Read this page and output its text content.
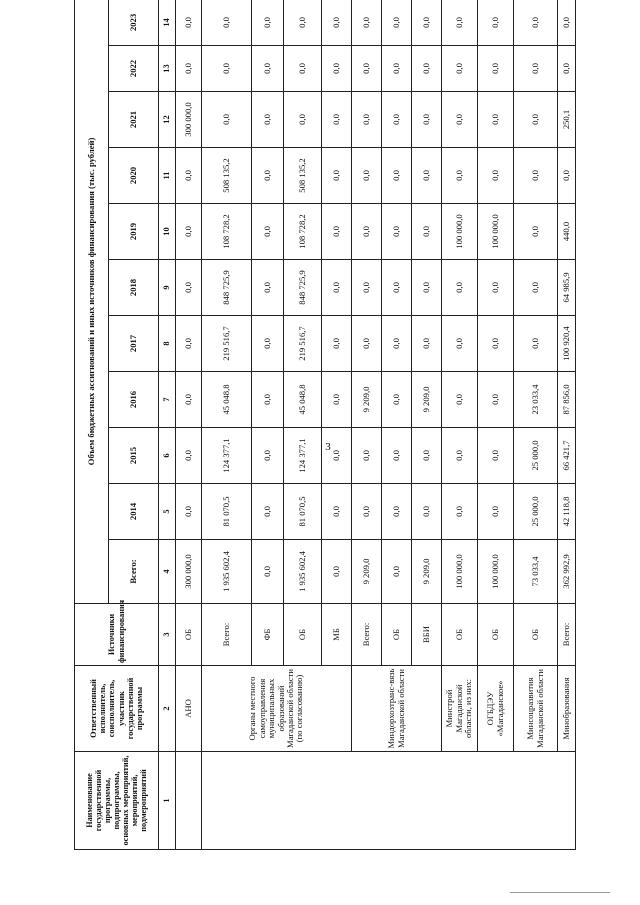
3
Наименование государственной программы, подпрограммы, основных мероприятий, мероприятий, подмероприятий	Ответственный исполнитель, соисполнитель, участник государственной программы	Источники финансирования	Объем бюджетных ассигнований и иных источников финансирования (тыс. рублей)										
			Всего:	2014	2015	2016	2017	2018	2019	2020	2021	2022	2023
1	2	3	4	5	6	7	8	9	10	11	12	13	14
	АНО	ОБ	300 000,0	0,0	0,0	0,0	0,0	0,0	0,0	0,0	300 000,0	0,0	0,0
	Органы местного самоуправления муниципальных образований Магаданской области (по согласованию)	Всего:	1 935 602,4	81 070,5	124 377,1	45 048,8	219 516,7	848 725,9	108 728,2	508 135,2	0,0	0,0	0,0
		ФБ	0,0	0,0	0,0	0,0	0,0	0,0	0,0	0,0	0,0	0,0	0,0
		ОБ	1 935 602,4	81 070,5	124 377,1	45 048,8	219 516,7	848 725,9	108 728,2	508 135,2	0,0	0,0	0,0
		МБ	0,0	0,0	0,0	0,0	0,0	0,0	0,0	0,0	0,0	0,0	0,0
	Миндорхозтранс-вязь Магаданской области	Всего:	9 209,0	0,0	0,0	9 209,0	0,0	0,0	0,0	0,0	0,0	0,0	0,0
		ОБ	0,0	0,0	0,0	0,0	0,0	0,0	0,0	0,0	0,0	0,0	0,0
		ВБИ	9 209,0	0,0	0,0	9 209,0	0,0	0,0	0,0	0,0	0,0	0,0	0,0
	Минстрой Магаданской области, из них:	ОБ	100 000,0	0,0	0,0	0,0	0,0	0,0	100 000,0	0,0	0,0	0,0	0,0
	ОГБДЭУ «Магаданское»	ОБ	100 000,0	0,0	0,0	0,0	0,0	0,0	100 000,0	0,0	0,0	0,0	0,0
	Минсоцразвития Магаданской области	ОБ	73 033,4	25 000,0	25 000,0	23 033,4	0,0	0,0	0,0	0,0	0,0	0,0	0,0
	Минобразования	Всего:	362 992,9	42 118,8	66 421,7	87 856,0	100 920,4	64 985,9	440,0	0,0	250,1	0,0	0,0
